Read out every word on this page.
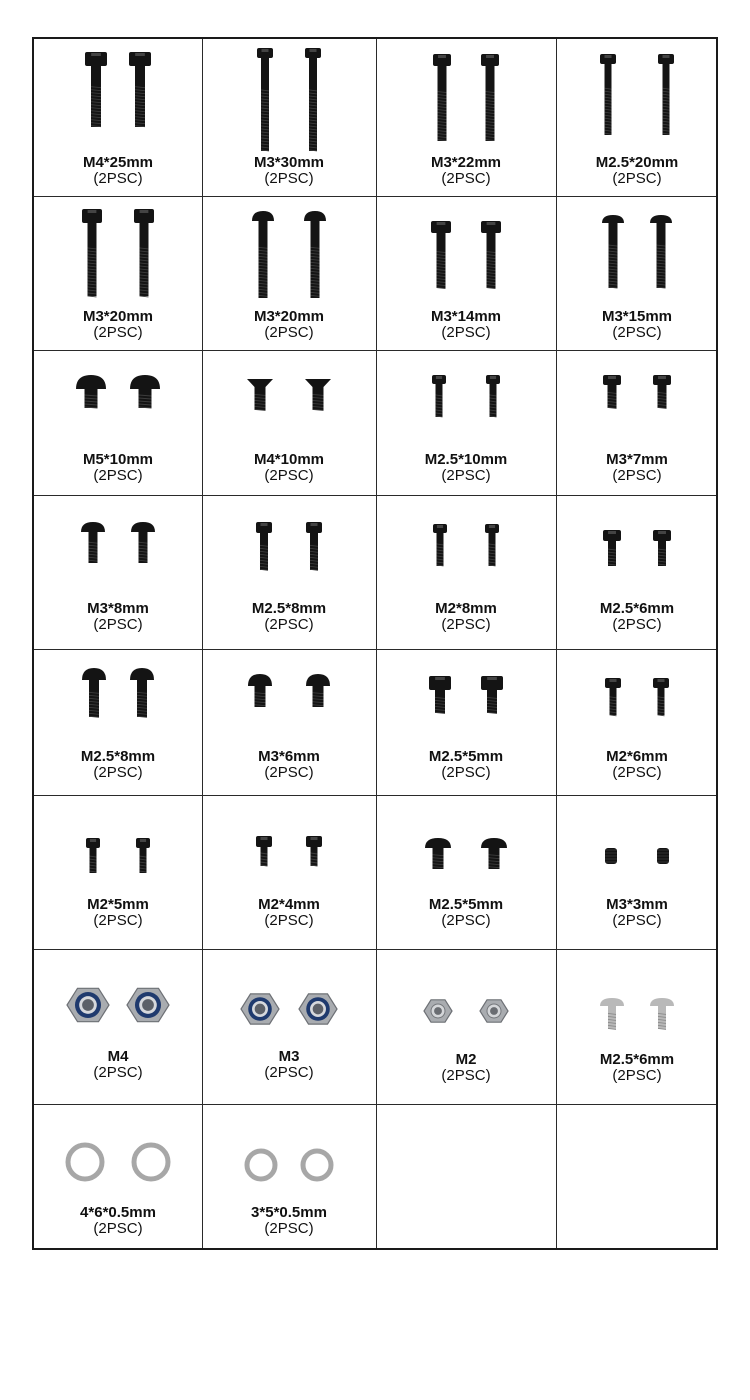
M4*25mm
(2PSC)
M3*30mm
(2PSC)
M3*22mm
(2PSC)
M2.5*20mm
(2PSC)
M3*20mm
(2PSC)
M3*20mm
(2PSC)
M3*14mm
(2PSC)
M3*15mm
(2PSC)
M5*10mm
(2PSC)
M4*10mm
(2PSC)
M2.5*10mm
(2PSC)
M3*7mm
(2PSC)
M3*8mm
(2PSC)
M2.5*8mm
(2PSC)
M2*8mm
(2PSC)
M2.5*6mm
(2PSC)
M2.5*8mm
(2PSC)
M3*6mm
(2PSC)
M2.5*5mm
(2PSC)
M2*6mm
(2PSC)
M2*5mm
(2PSC)
M2*4mm
(2PSC)
M2.5*5mm
(2PSC)
M3*3mm
(2PSC)
M4
(2PSC)
M3
(2PSC)
M2
(2PSC)
M2.5*6mm
(2PSC)
4*6*0.5mm
(2PSC)
3*5*0.5mm
(2PSC)
